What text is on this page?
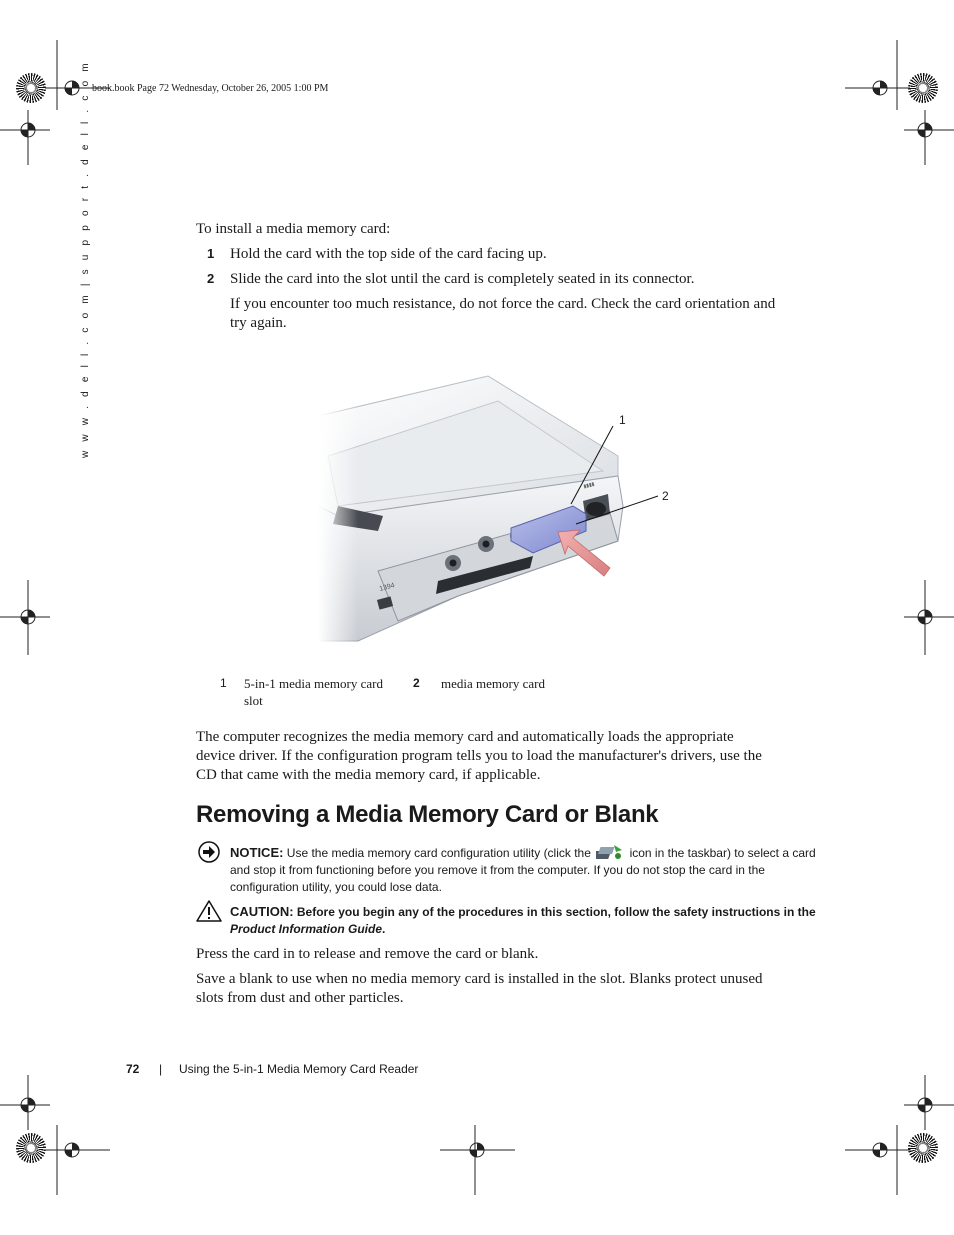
book.book Page 72 Wednesday, October 26, 2005 1:00 PM
w w w . d e l l . c o m | s u p p o r t . d e l l . c o m	To install a media memory card:
1 Hold the card with the top side of the card facing up.
2 Slide the card into the slot until the card is completely seated in its connector.
If you encounter too much resistance, do not force the card. Check the card orientation and
try again.
1394
▮▮▮▮
1
2
1 5-in-1 media memory card
slot
2 media memory card
The computer recognizes the media memory card and automatically loads the appropriate
device driver. If the configuration program tells you to load the manufacturer's drivers, use the
CD that came with the media memory card, if applicable.
Removing a Media Memory Card or Blank
NOTICE: Use the media memory card configuration utility (click the	icon in the taskbar) to select a card and stop it from functioning before you remove it from the computer. If you do not stop the card in the configuration utility, you could lose data.
CAUTION: Before you begin any of the procedures in this section, follow the safety instructions in the Product Information Guide.
Press the card in to release and remove the card or blank.
Save a blank to use when no media memory card is installed in the slot. Blanks protect unused
slots from dust and other particles.
72 | Using the 5-in-1 Media Memory Card Reader
